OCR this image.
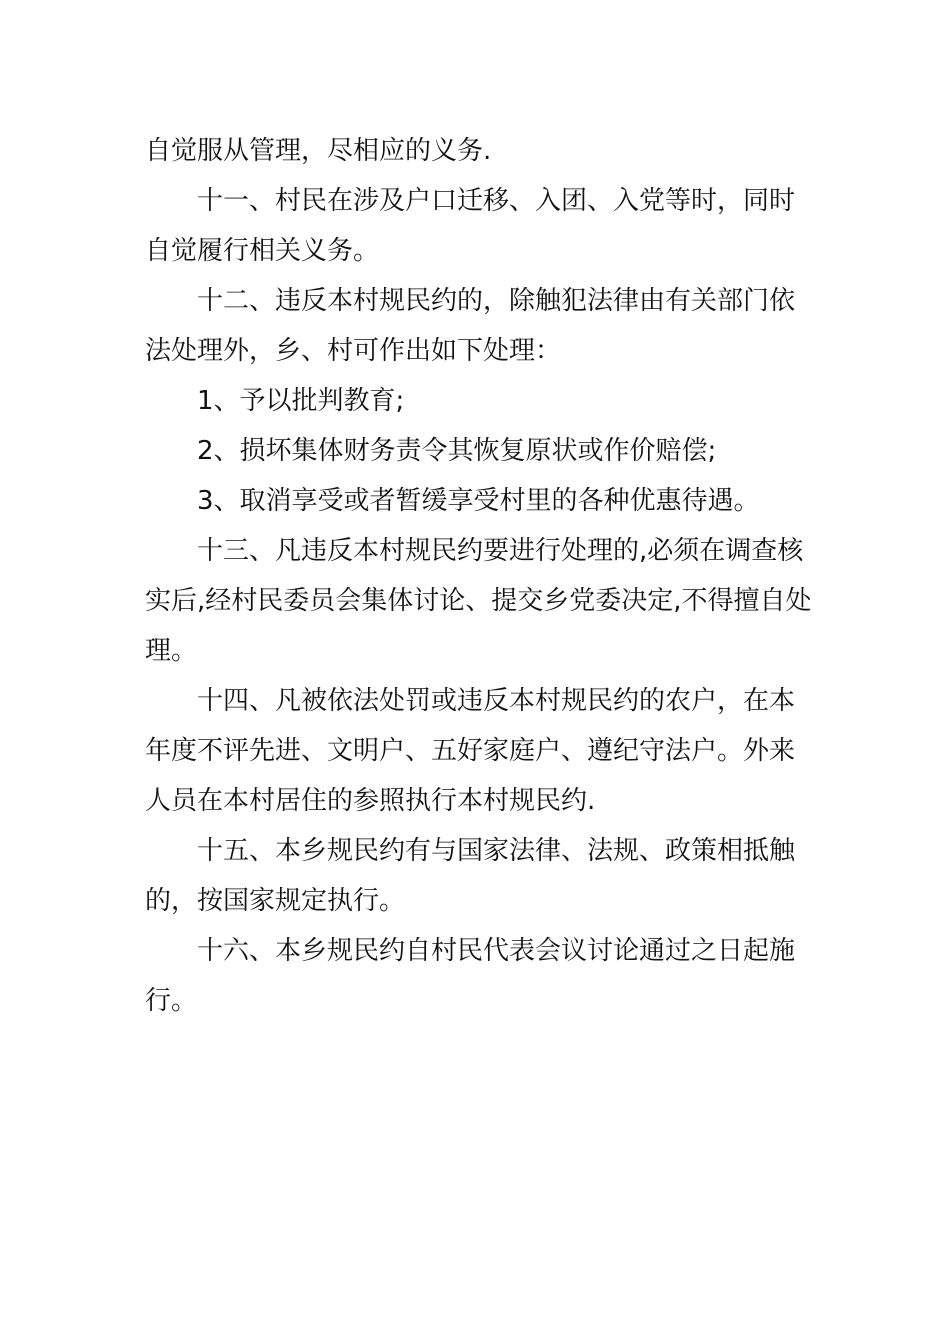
自觉服从管理，尽相应的义务.
十一、村民在涉及户口迁移、入团、入党等时，同时
自觉履行相关义务。
十二、违反本村规民约的，除触犯法律由有关部门依
法处理外，乡、村可作出如下处理：
1、予以批判教育;
2、损坏集体财务责令其恢复原状或作价赔偿;
3、取消享受或者暂缓享受村里的各种优惠待遇。
十三、凡违反本村规民约要进行处理的,必须在调查核
实后,经村民委员会集体讨论、提交乡党委决定,不得擅自处
理。
十四、凡被依法处罚或违反本村规民约的农户，在本
年度不评先进、文明户、五好家庭户、遵纪守法户。外来
人员在本村居住的参照执行本村规民约.
十五、本乡规民约有与国家法律、法规、政策相抵触
的，按国家规定执行。
十六、本乡规民约自村民代表会议讨论通过之日起施
行。
